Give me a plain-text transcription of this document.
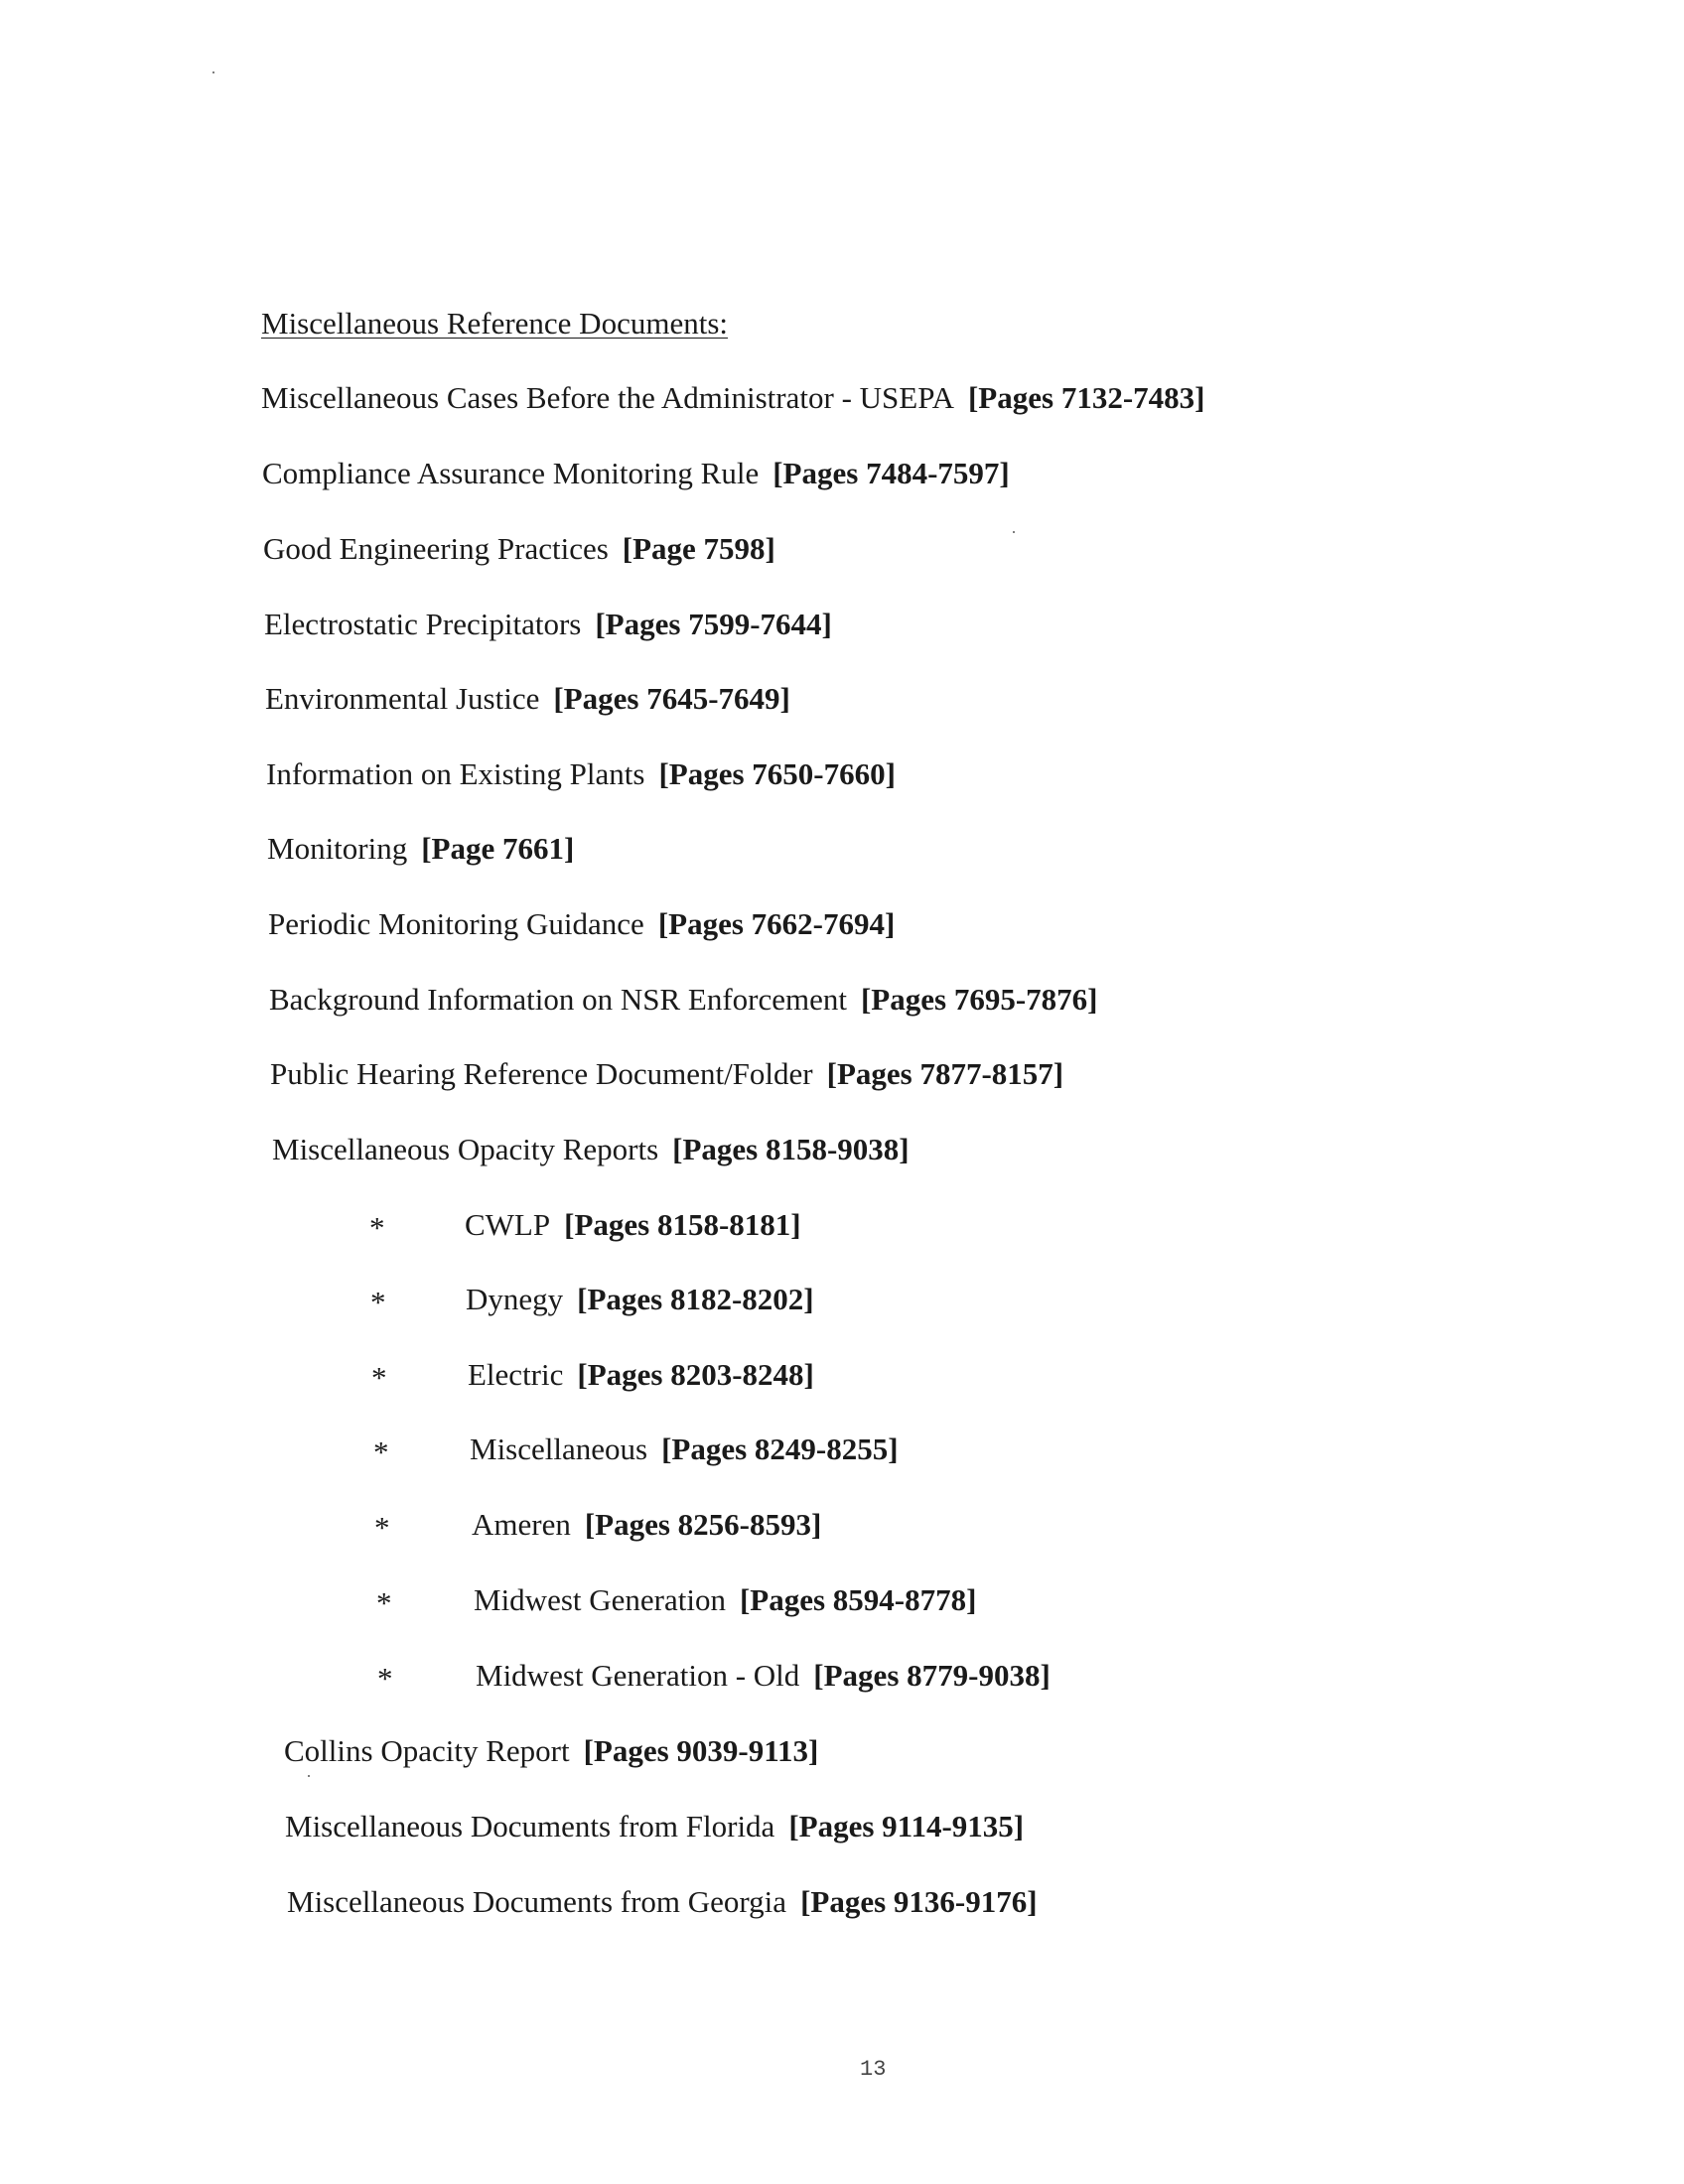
Miscellaneous Reference Documents:
Miscellaneous Cases Before the Administrator - USEPA [Pages 7132-7483]
Compliance Assurance Monitoring Rule [Pages 7484-7597]
Good Engineering Practices [Page 7598]
Electrostatic Precipitators [Pages 7599-7644]
Environmental Justice [Pages 7645-7649]
Information on Existing Plants [Pages 7650-7660]
Monitoring [Page 7661]
Periodic Monitoring Guidance [Pages 7662-7694]
Background Information on NSR Enforcement [Pages 7695-7876]
Public Hearing Reference Document/Folder [Pages 7877-8157]
Miscellaneous Opacity Reports [Pages 8158-9038]
*	CWLP [Pages 8158-8181]
*	Dynegy [Pages 8182-8202]
*	Electric [Pages 8203-8248]
*	Miscellaneous [Pages 8249-8255]
*	Ameren [Pages 8256-8593]
*	Midwest Generation [Pages 8594-8778]
*	Midwest Generation - Old [Pages 8779-9038]
Collins Opacity Report [Pages 9039-9113]
Miscellaneous Documents from Florida [Pages 9114-9135]
Miscellaneous Documents from Georgia [Pages 9136-9176]
13
